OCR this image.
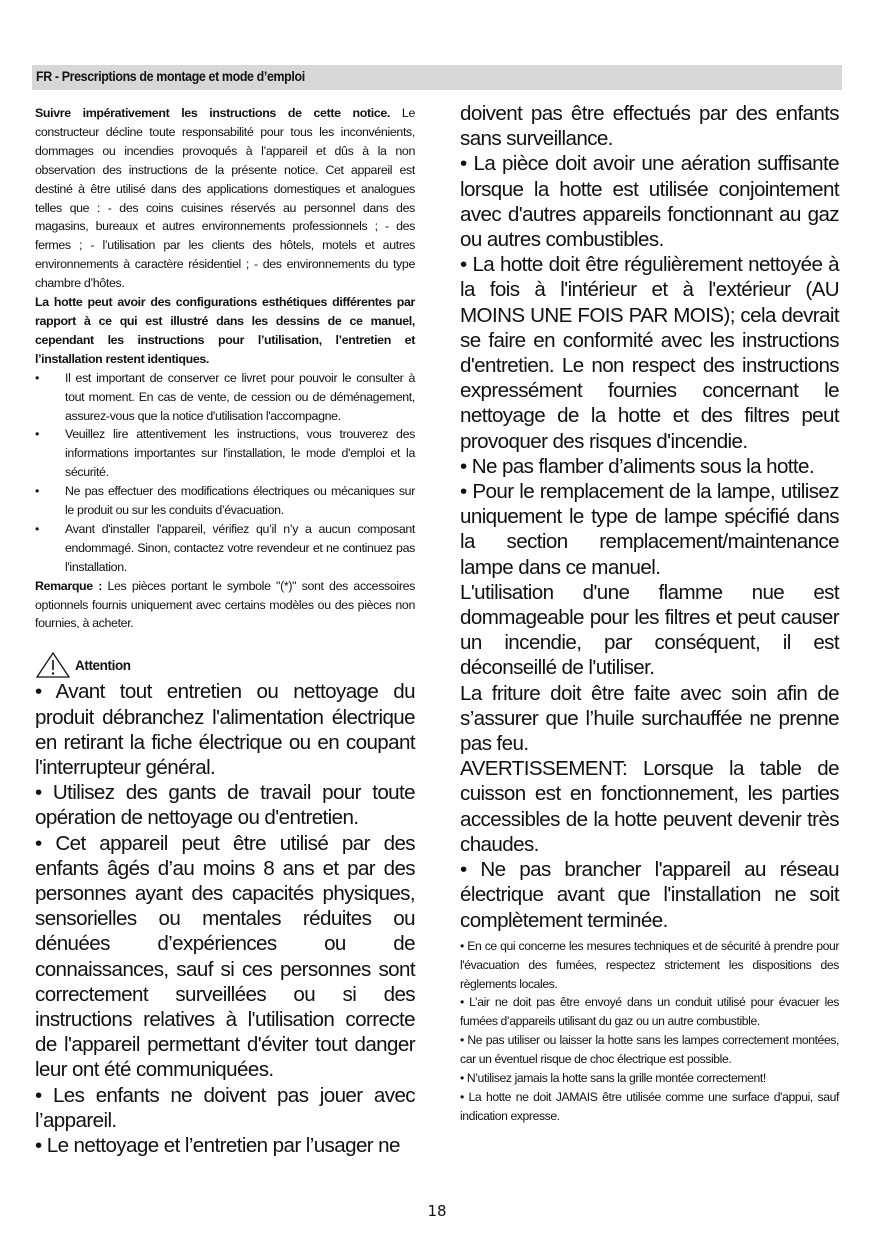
FR - Prescriptions de montage et mode d’emploi

Suivre impérativement les instructions de cette notice. Le constructeur décline toute responsabilité pour tous les inconvénients, dommages ou incendies provoqués à l’appareil et dûs à la non observation des instructions de la présente notice. Cet appareil est destiné à être utilisé dans des applications domestiques et analogues telles que : - des coins cuisines réservés au personnel dans des magasins, bureaux et autres environnements professionnels ; - des fermes ; - l’utilisation par les clients des hôtels, motels et autres environnements à caractère résidentiel ; - des environnements du type chambre d’hôtes.

La hotte peut avoir des configurations esthétiques différentes par rapport à ce qui est illustré dans les dessins de ce manuel, cependant les instructions pour l’utilisation, l’entretien et l’installation restent identiques.

• Il est important de conserver ce livret pour pouvoir le consulter à tout moment. En cas de vente, de cession ou de déménagement, assurez-vous que la notice d'utilisation l'accompagne.
• Veuillez lire attentivement les instructions, vous trouverez des informations importantes sur l'installation, le mode d'emploi et la sécurité.
• Ne pas effectuer des modifications électriques ou mécaniques sur le produit ou sur les conduits d’évacuation.
• Avant d'installer l'appareil, vérifiez qu’il n’y a aucun composant endommagé. Sinon, contactez votre revendeur et ne continuez pas l'installation.

Remarque : Les pièces portant le symbole "(*)" sont des accessoires optionnels fournis uniquement avec certains modèles ou des pièces non fournies, à acheter.

Attention

• Avant tout entretien ou nettoyage du produit débranchez l'alimentation électrique en retirant la fiche électrique ou en coupant l'interrupteur général.

• Utilisez des gants de travail pour toute opération de nettoyage ou d'entretien.

• Cet appareil peut être utilisé par des enfants âgés d’au moins 8 ans et par des personnes ayant des capacités physiques, sensorielles ou mentales réduites ou dénuées d’expériences ou de connaissances, sauf si ces personnes sont correctement surveillées ou si des instructions relatives à l'utilisation correcte de l'appareil permettant d'éviter tout danger leur ont été communiquées.

• Les enfants ne doivent pas jouer avec l’appareil.

• Le nettoyage et l’entretien par l’usager ne

doivent pas être effectués par des enfants sans surveillance.

• La pièce doit avoir une aération suffisante lorsque la hotte est utilisée conjointement avec d'autres appareils fonctionnant au gaz ou autres combustibles.

• La hotte doit être régulièrement nettoyée à la fois à l'intérieur et à l'extérieur (AU MOINS UNE FOIS PAR MOIS); cela devrait se faire en conformité avec les instructions d'entretien. Le non respect des instructions expressément fournies concernant le nettoyage de la hotte et des filtres peut provoquer des risques d'incendie.

• Ne pas flamber d’aliments sous la hotte.

• Pour le remplacement de la lampe, utilisez uniquement le type de lampe spécifié dans la section remplacement/maintenance lampe dans ce manuel.

L'utilisation d'une flamme nue est dommageable pour les filtres et peut causer un incendie, par conséquent, il est déconseillé de l'utiliser.

La friture doit être faite avec soin afin de s’assurer que l’huile surchauffée ne prenne pas feu.

AVERTISSEMENT: Lorsque la table de cuisson est en fonctionnement, les parties accessibles de la hotte peuvent devenir très chaudes.

• Ne pas brancher l'appareil au réseau électrique avant que l'installation ne soit complètement terminée.

• En ce qui concerne les mesures techniques et de sécurité à prendre pour l'évacuation des fumées, respectez strictement les dispositions des règlements locales.

• L’air ne doit pas être envoyé dans un conduit utilisé pour évacuer les fumées d’appareils utilisant du gaz ou un autre combustible.

• Ne pas utiliser ou laisser la hotte sans les lampes correctement montées, car un éventuel risque de choc électrique est possible.

• N’utilisez jamais la hotte sans la grille montée correctement!

• La hotte ne doit JAMAIS être utilisée comme une surface d'appui, sauf indication expresse.

18
